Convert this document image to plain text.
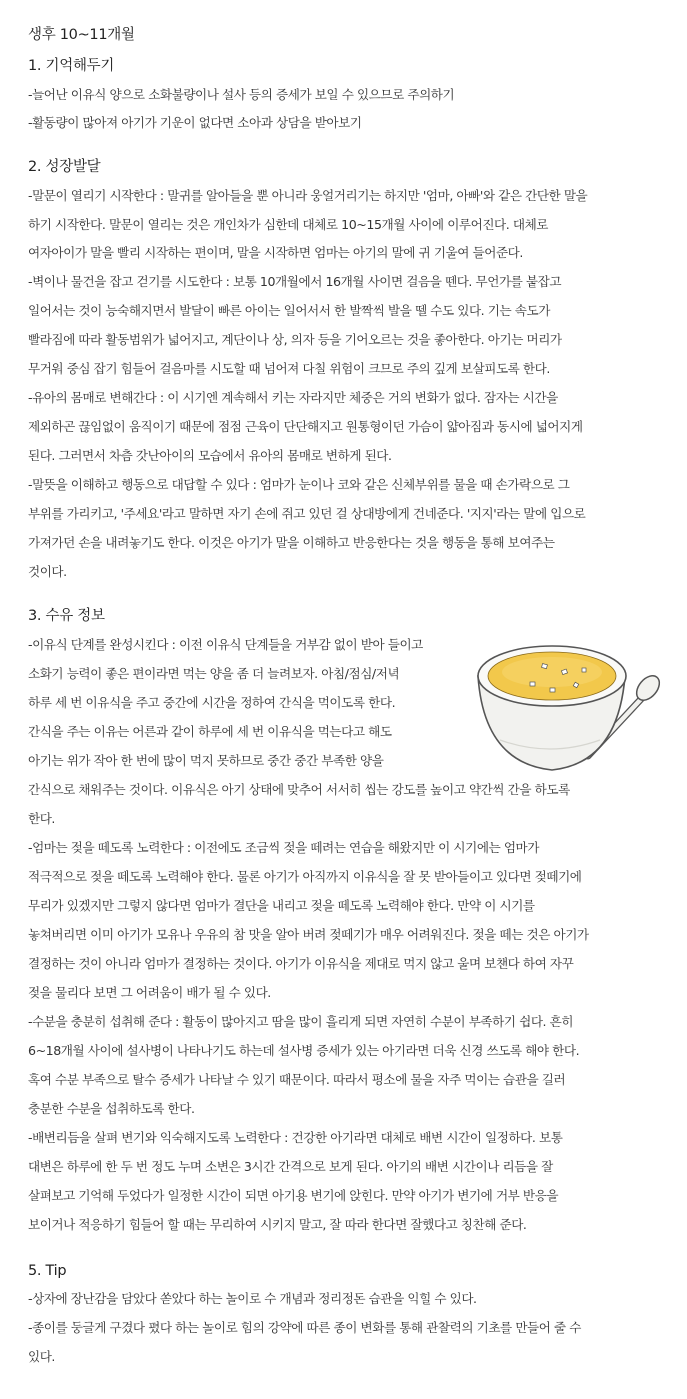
생후 10~11개월
1. 기억해두기
-늘어난 이유식 양으로 소화불량이나 설사 등의 증세가 보일 수 있으므로 주의하기
-활동량이 많아져 아기가 기운이 없다면 소아과 상담을 받아보기
2. 성장발달
-말문이 열리기 시작한다 : 말귀를 알아들을 뿐 아니라 웅얼거리기는 하지만 '엄마, 아빠'와 같은 간단한 말을
하기 시작한다. 말문이 열리는 것은 개인차가 심한데 대체로 10~15개월 사이에 이루어진다. 대체로
여자아이가 말을 빨리 시작하는 편이며, 말을 시작하면 엄마는 아기의 말에 귀 기울여 들어준다.
-벽이나 물건을 잡고 걷기를 시도한다 : 보통 10개월에서 16개월 사이면 걸음을 뗀다. 무언가를 붙잡고
일어서는 것이 능숙해지면서 발달이 빠른 아이는 일어서서 한 발짝씩 발을 뗄 수도 있다. 기는 속도가
빨라짐에 따라 활동범위가 넓어지고, 계단이나 상, 의자 등을 기어오르는 것을 좋아한다. 아기는 머리가
무거워 중심 잡기 힘들어 걸음마를 시도할 때 넘어져 다칠 위험이 크므로 주의 깊게 보살피도록 한다.
-유아의 몸매로 변해간다 : 이 시기엔 계속해서 키는 자라지만 체중은 거의 변화가 없다. 잠자는 시간을
제외하곤 끊임없이 움직이기 때문에 점점 근육이 단단해지고 원통형이던 가슴이 얇아짐과 동시에 넓어지게
된다. 그러면서 차츰 갓난아이의 모습에서 유아의 몸매로 변하게 된다.
-말뜻을 이해하고 행동으로 대답할 수 있다 : 엄마가 눈이나 코와 같은 신체부위를 물을 때 손가락으로 그
부위를 가리키고, '주세요'라고 말하면 자기 손에 쥐고 있던 걸 상대방에게 건네준다. '지지'라는 말에 입으로
가져가던 손을 내려놓기도 한다. 이것은 아기가 말을 이해하고 반응한다는 것을 행동을 통해 보여주는
것이다.
3. 수유 정보
-이유식 단계를 완성시킨다 : 이전 이유식 단계들을 거부감 없이 받아 들이고
소화기 능력이 좋은 편이라면 먹는 양을 좀 더 늘려보자. 아침/점심/저녁
하루 세 번 이유식을 주고 중간에 시간을 정하여 간식을 먹이도록 한다.
간식을 주는 이유는 어른과 같이 하루에 세 번 이유식을 먹는다고 해도
아기는 위가 작아 한 번에 많이 먹지 못하므로 중간 중간 부족한 양을
간식으로 채워주는 것이다. 이유식은 아기 상태에 맞추어 서서히 씹는 강도를 높이고 약간씩 간을 하도록
한다.
-엄마는 젖을 떼도록 노력한다 : 이전에도 조금씩 젖을 떼려는 연습을 해왔지만 이 시기에는 엄마가
적극적으로 젖을 떼도록 노력해야 한다. 물론 아기가 아직까지 이유식을 잘 못 받아들이고 있다면 젖떼기에
무리가 있겠지만 그렇지 않다면 엄마가 결단을 내리고 젖을 떼도록 노력해야 한다. 만약 이 시기를
놓쳐버리면 이미 아기가 모유나 우유의 참 맛을 알아 버려 젖떼기가 매우 어려워진다. 젖을 떼는 것은 아기가
결정하는 것이 아니라 엄마가 결정하는 것이다. 아기가 이유식을 제대로 먹지 않고 울며 보챈다 하여 자꾸
젖을 물리다 보면 그 어려움이 배가 될 수 있다.
-수분을 충분히 섭취해 준다 : 활동이 많아지고 땀을 많이 흘리게 되면 자연히 수분이 부족하기 쉽다. 흔히
6~18개월 사이에 설사병이 나타나기도 하는데 설사병 증세가 있는 아기라면 더욱 신경 쓰도록 해야 한다.
혹여 수분 부족으로 탈수 증세가 나타날 수 있기 때문이다. 따라서 평소에 물을 자주 먹이는 습관을 길러
충분한 수분을 섭취하도록 한다.
-배변리듬을 살펴 변기와 익숙해지도록 노력한다 : 건강한 아기라면 대체로 배변 시간이 일정하다. 보통
대변은 하루에 한 두 번 정도 누며 소변은 3시간 간격으로 보게 된다. 아기의 배변 시간이나 리듬을 잘
살펴보고 기억해 두었다가 일정한 시간이 되면 아기용 변기에 앉힌다. 만약 아기가 변기에 거부 반응을
보이거나 적응하기 힘들어 할 때는 무리하여 시키지 말고, 잘 따라 한다면 잘했다고 칭찬해 준다.
5. Tip
-상자에 장난감을 담았다 쏟았다 하는 놀이로 수 개념과 정리정돈 습관을 익힐 수 있다.
-종이를 둥글게 구겼다 폈다 하는 놀이로 힘의 강약에 따른 종이 변화를 통해 관찰력의 기초를 만들어 줄 수
있다.
